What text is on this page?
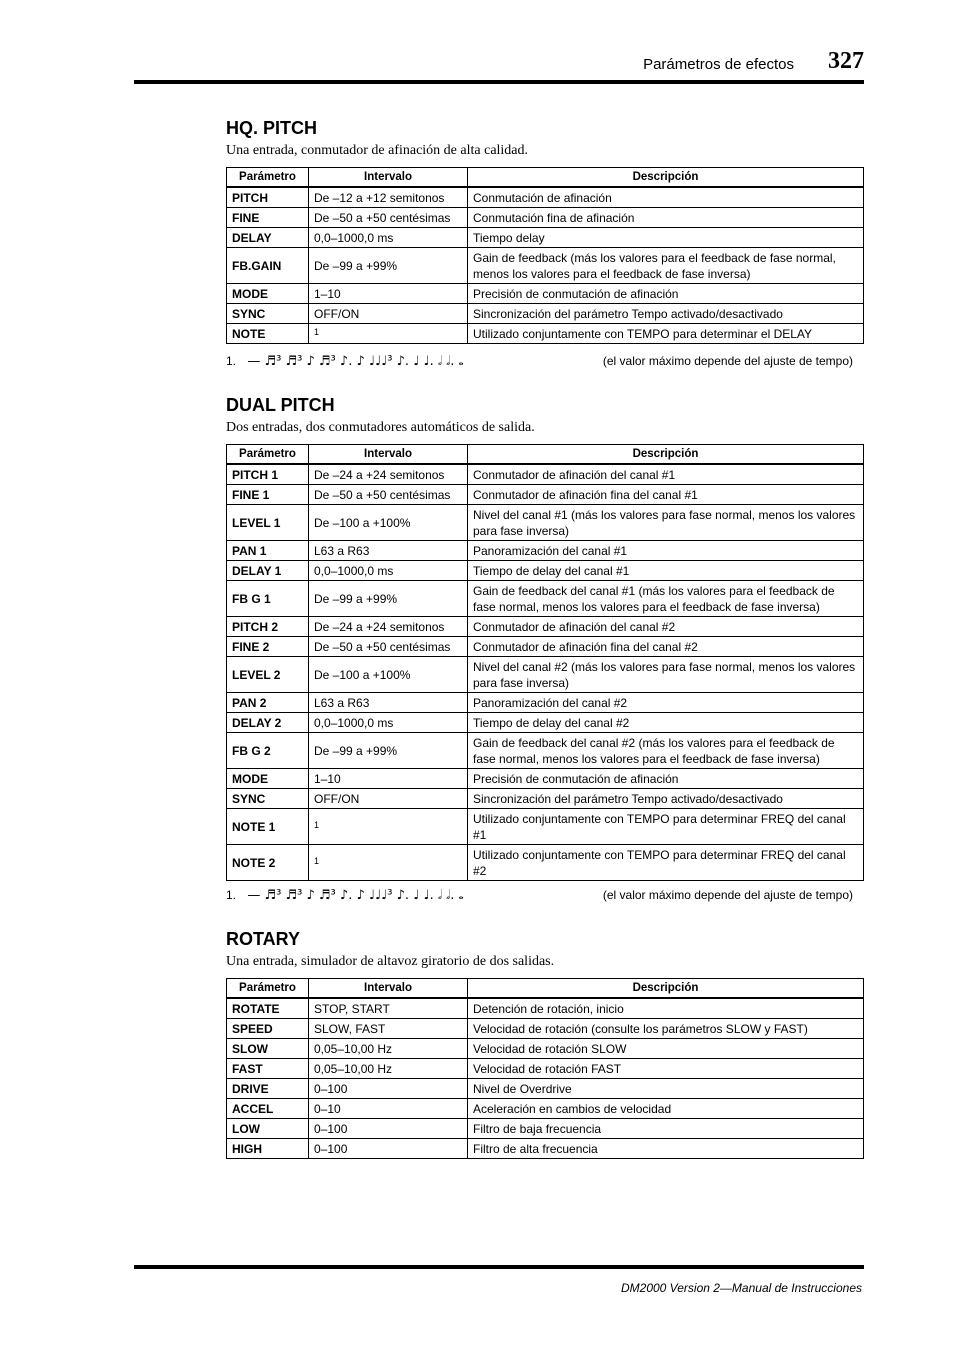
Parámetros de efectos	327
HQ. PITCH
Una entrada, conmutador de afinación de alta calidad.
Parámetro	Intervalo	Descripción
PITCH	De –12 a +12 semitonos	Conmutación de afinación
FINE	De –50 a +50 centésimas	Conmutación fina de afinación
DELAY	0,0–1000,0 ms	Tiempo delay
FB.GAIN	De –99 a +99%	Gain de feedback (más los valores para el feedback de fase normal, menos los valores para el feedback de fase inversa)
MODE	1–10	Precisión de conmutación de afinación
SYNC	OFF/ON	Sincronización del parámetro Tempo activado/desactivado
NOTE	$^1$	Utilizado conjuntamente con TEMPO para determinar el DELAY
1. — ♬³ ♬³ ♪ ♬³ ♪. ♪ ♩♩♩³ ♪. ♩ ♩. 𝅗𝅥 𝅗𝅥. 𝅝	(el valor máximo depende del ajuste de tempo)
DUAL PITCH
Dos entradas, dos conmutadores automáticos de salida.
Parámetro	Intervalo	Descripción
PITCH 1	De –24 a +24 semitonos	Conmutador de afinación del canal #1
FINE 1	De –50 a +50 centésimas	Conmutador de afinación fina del canal #1
LEVEL 1	De –100 a +100%	Nivel del canal #1 (más los valores para fase normal, menos los valores para fase inversa)
PAN 1	L63 a R63	Panoramización del canal #1
DELAY 1	0,0–1000,0 ms	Tiempo de delay del canal #1
FB G 1	De –99 a +99%	Gain de feedback del canal #1 (más los valores para el feedback de fase normal, menos los valores para el feedback de fase inversa)
PITCH 2	De –24 a +24 semitonos	Conmutador de afinación del canal #2
FINE 2	De –50 a +50 centésimas	Conmutador de afinación fina del canal #2
LEVEL 2	De –100 a +100%	Nivel del canal #2 (más los valores para fase normal, menos los valores para fase inversa)
PAN 2	L63 a R63	Panoramización del canal #2
DELAY 2	0,0–1000,0 ms	Tiempo de delay del canal #2
FB G 2	De –99 a +99%	Gain de feedback del canal #2 (más los valores para el feedback de fase normal, menos los valores para el feedback de fase inversa)
MODE	1–10	Precisión de conmutación de afinación
SYNC	OFF/ON	Sincronización del parámetro Tempo activado/desactivado
NOTE 1	$^1$	Utilizado conjuntamente con TEMPO para determinar FREQ del canal #1
NOTE 2	$^1$	Utilizado conjuntamente con TEMPO para determinar FREQ del canal #2
1. — ♬³ ♬³ ♪ ♬³ ♪. ♪ ♩♩♩³ ♪. ♩ ♩. 𝅗𝅥 𝅗𝅥. 𝅝	(el valor máximo depende del ajuste de tempo)
ROTARY
Una entrada, simulador de altavoz giratorio de dos salidas.
Parámetro	Intervalo	Descripción
ROTATE	STOP, START	Detención de rotación, inicio
SPEED	SLOW, FAST	Velocidad de rotación (consulte los parámetros SLOW y FAST)
SLOW	0,05–10,00 Hz	Velocidad de rotación SLOW
FAST	0,05–10,00 Hz	Velocidad de rotación FAST
DRIVE	0–100	Nivel de Overdrive
ACCEL	0–10	Aceleración en cambios de velocidad
LOW	0–100	Filtro de baja frecuencia
HIGH	0–100	Filtro de alta frecuencia
DM2000 Version 2—Manual de Instrucciones
